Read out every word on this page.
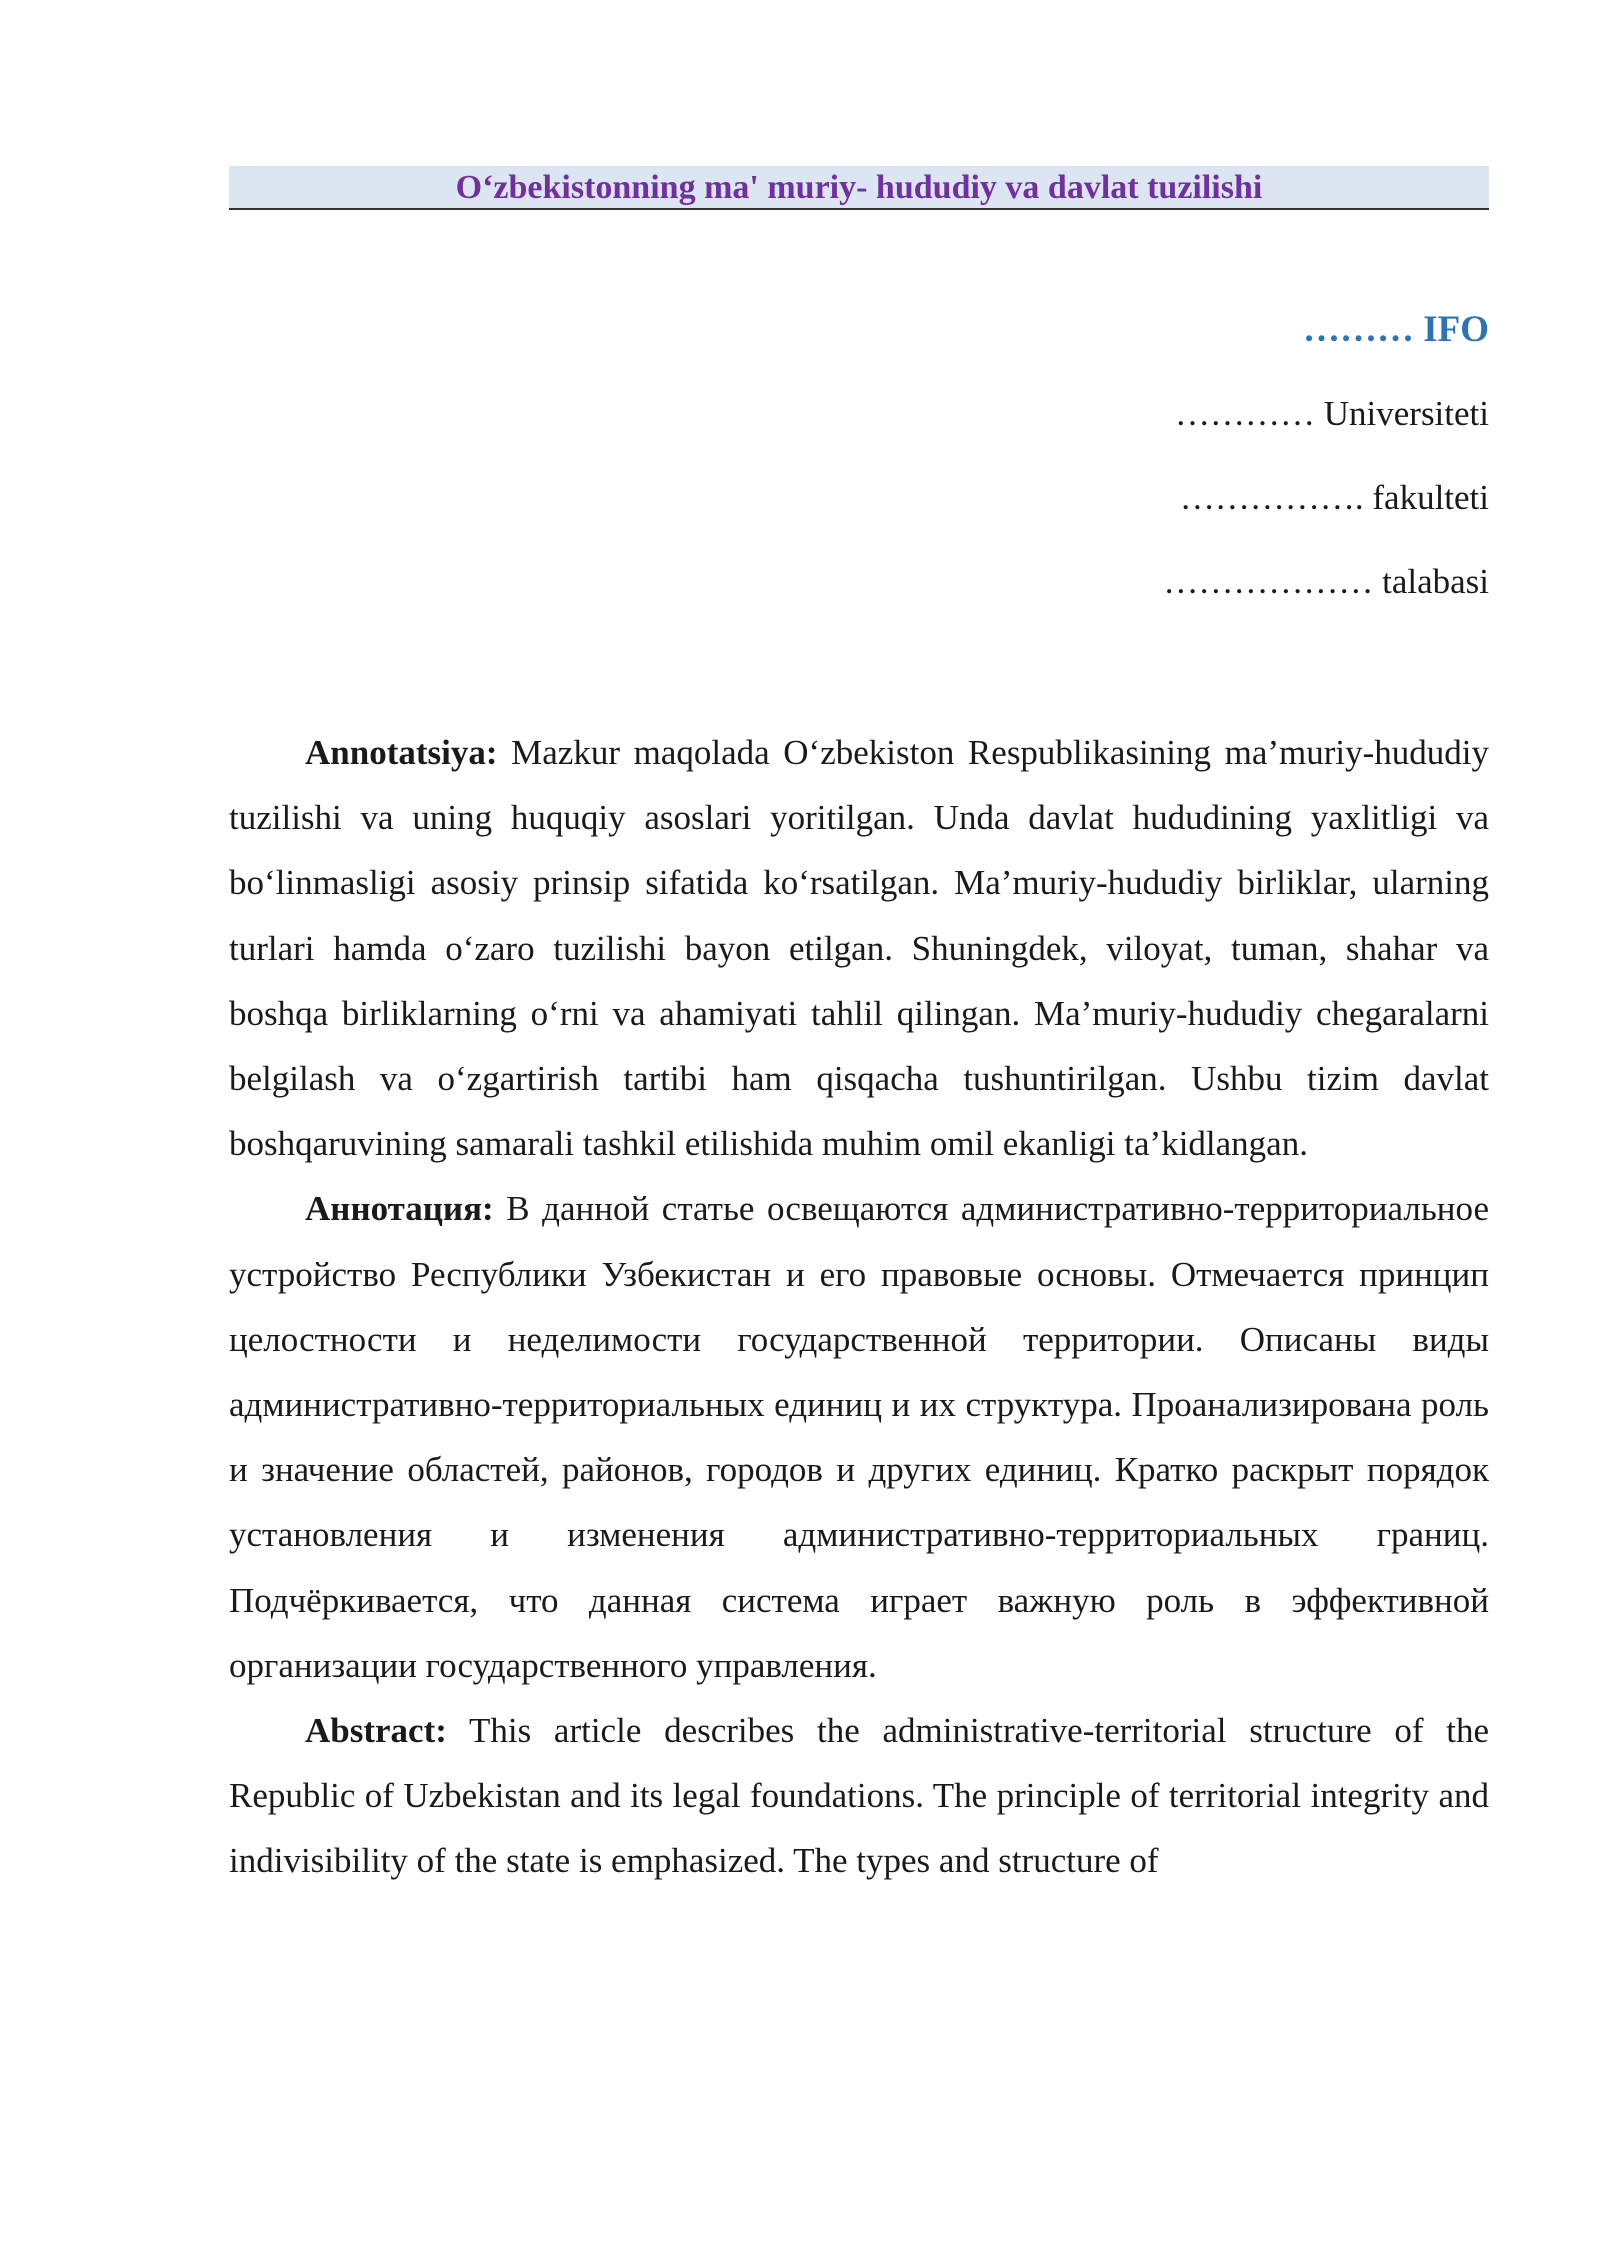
O‘zbekistonning ma' muriy- hududiy va davlat tuzilishi
……… IFO
………… Universiteti
……………. fakulteti
……………… talabasi

Annotatsiya: Mazkur maqolada O‘zbekiston Respublikasining ma’muriy-hududiy tuzilishi va uning huquqiy asoslari yoritilgan. Unda davlat hududining yaxlitligi va bo‘linmasligi asosiy prinsip sifatida ko‘rsatilgan. Ma’muriy-hududiy birliklar, ularning turlari hamda o‘zaro tuzilishi bayon etilgan. Shuningdek, viloyat, tuman, shahar va boshqa birliklarning o‘rni va ahamiyati tahlil qilingan. Ma’muriy-hududiy chegaralarni belgilash va o‘zgartirish tartibi ham qisqacha tushuntirilgan. Ushbu tizim davlat boshqaruvining samarali tashkil etilishida muhim omil ekanligi ta’kidlangan.

Аннотация: В данной статье освещаются административно-территориальное устройство Республики Узбекистан и его правовые основы. Отмечается принцип целостности и неделимости государственной территории. Описаны виды административно-территориальных единиц и их структура. Проанализирована роль и значение областей, районов, городов и других единиц. Кратко раскрыт порядок установления и изменения административно-территориальных границ. Подчёркивается, что данная система играет важную роль в эффективной организации государственного управления.

Abstract: This article describes the administrative-territorial structure of the Republic of Uzbekistan and its legal foundations. The principle of territorial integrity and indivisibility of the state is emphasized. The types and structure of
